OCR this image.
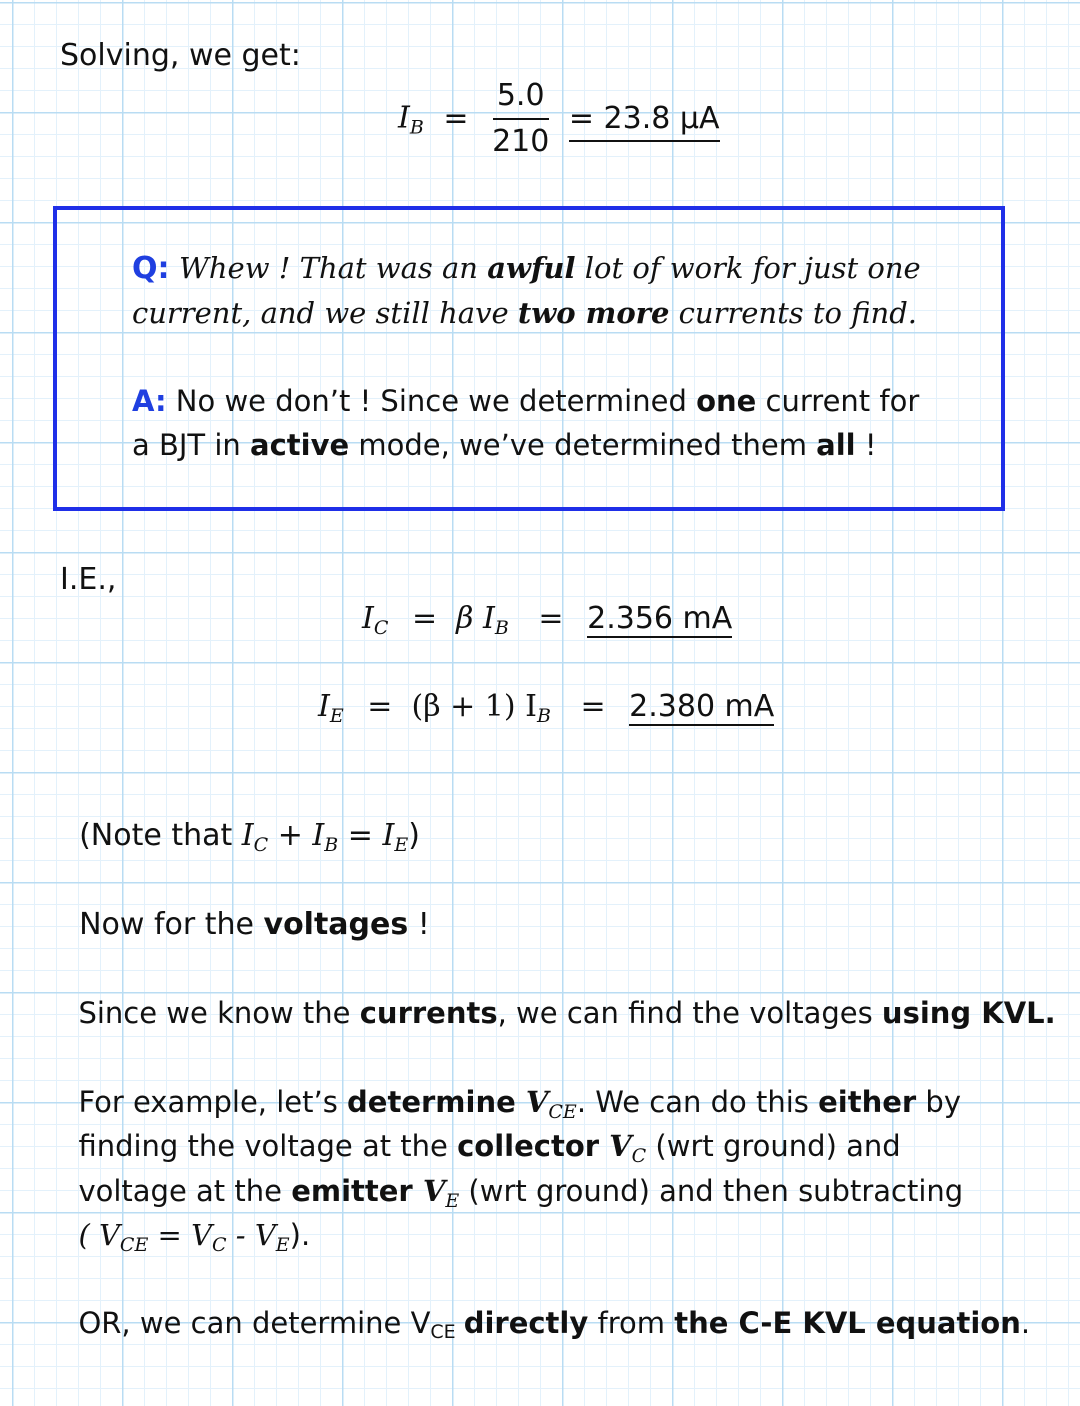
Solving, we get:
$I_B = \frac{5.0}{210} = 23.8$ μA
Q: Whew ! That was an awful lot of work for just one
current, and we still have two more currents to find.
A: No we don’t ! Since we determined one current for
a BJT in active mode, we’ve determined them all !
I.E.,
$I_C = \beta$ $I_B = 2.356$ mA
$I_E = (\beta + 1) I_B = 2.380$ mA

(Note that $I_C + I_B = I_E$)

Now for the voltages !

Since we know the currents, we can find the voltages using KVL.

For example, let’s determine $V_{CE}$. We can do this either by

finding the voltage at the collector $V_C$ (wrt ground) and

voltage at the emitter $V_E$ (wrt ground) and then subtracting

( $V_{CE} = V_C - V_E$).

OR, we can determine VCE directly from the C-E KVL equation.
